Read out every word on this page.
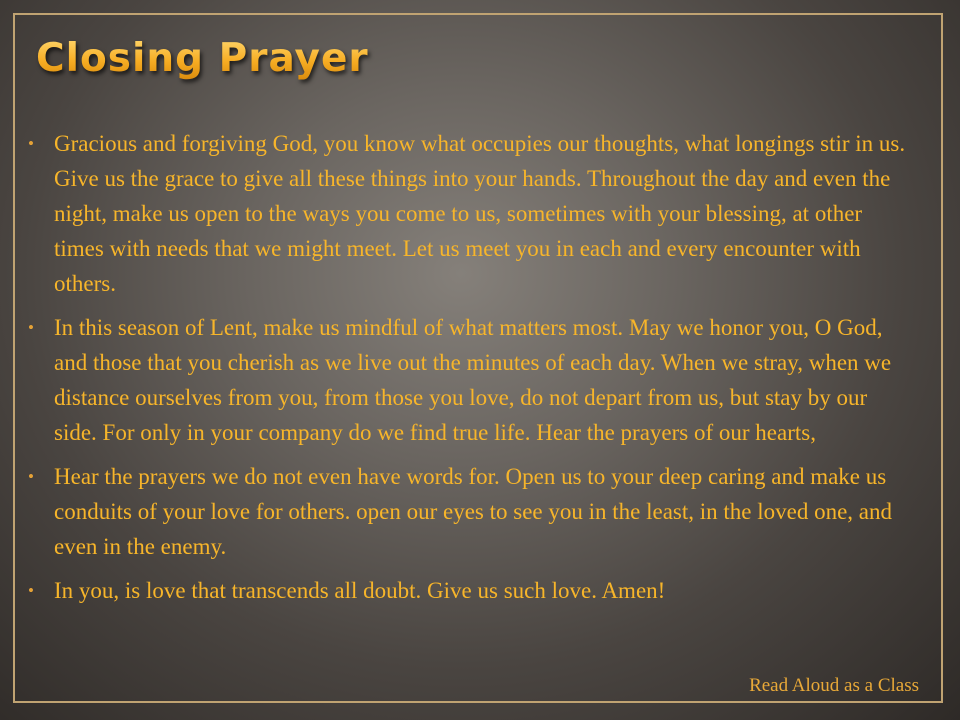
Closing Prayer
• Gracious and forgiving God, you know what occupies our thoughts, what longings stir in us. Give us the grace to give all these things into your hands. Throughout the day and even the night, make us open to the ways you come to us, sometimes with your blessing, at other times with needs that we might meet. Let us meet you in each and every encounter with others.
• In this season of Lent, make us mindful of what matters most. May we honor you, O God, and those that you cherish as we live out the minutes of each day. When we stray, when we distance ourselves from you, from those you love, do not depart from us, but stay by our side. For only in your company do we find true life. Hear the prayers of our hearts,
• Hear the prayers we do not even have words for. Open us to your deep caring and make us conduits of your love for others. open our eyes to see you in the least, in the loved one, and even in the enemy.
• In you, is love that transcends all doubt. Give us such love. Amen!
Read Aloud as a Class
